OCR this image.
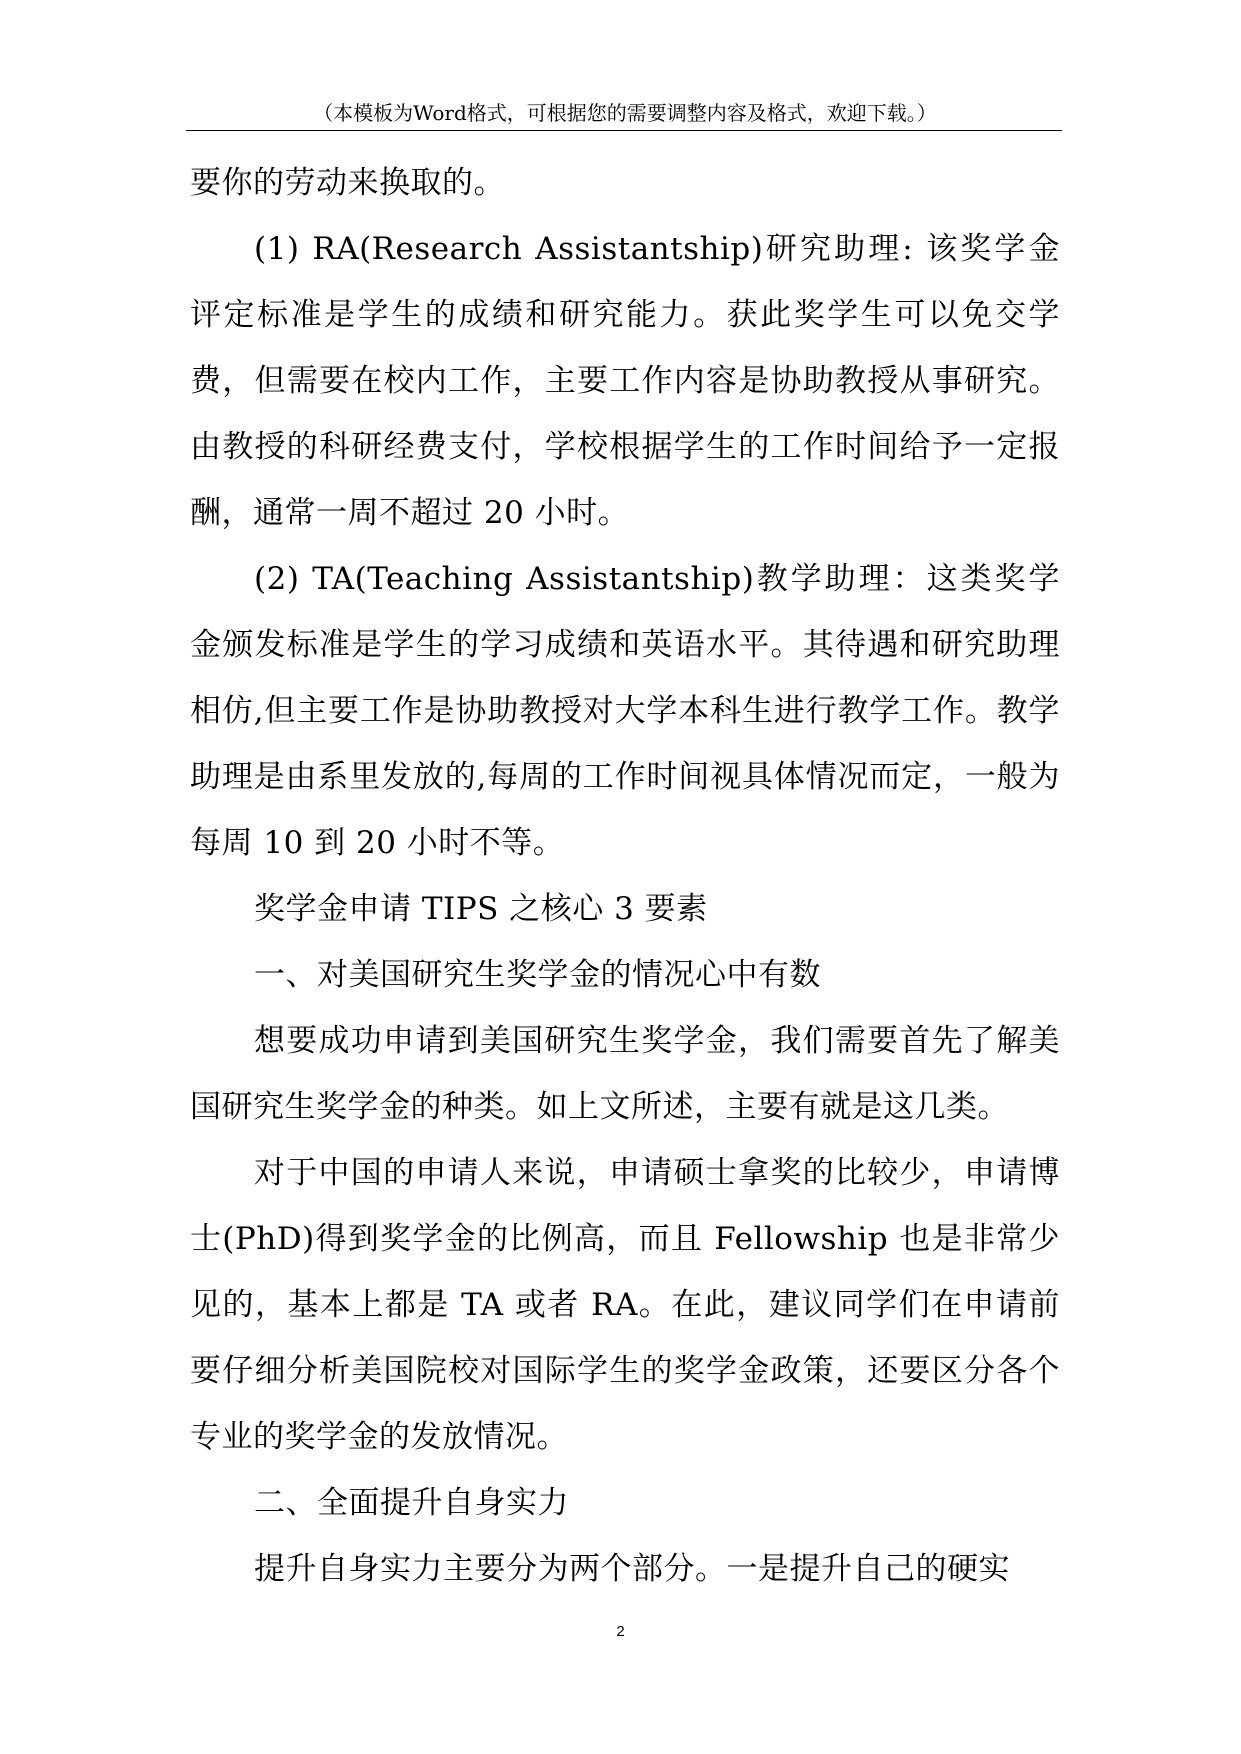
（本模板为Word格式，可根据您的需要调整内容及格式，欢迎下载。）

要你的劳动来换取的。

(1) RA(Research Assistantship)研究助理: 该奖学金评定标准是学生的成绩和研究能力。获此奖学生可以免交学费，但需要在校内工作，主要工作内容是协助教授从事研究。由教授的科研经费支付，学校根据学生的工作时间给予一定报酬，通常一周不超过 20 小时。

(2) TA(Teaching Assistantship)教学助理：这类奖学金颁发标准是学生的学习成绩和英语水平。其待遇和研究助理相仿,但主要工作是协助教授对大学本科生进行教学工作。教学助理是由系里发放的,每周的工作时间视具体情况而定，一般为每周 10 到 20 小时不等。

奖学金申请 TIPS 之核心 3 要素

一、对美国研究生奖学金的情况心中有数

想要成功申请到美国研究生奖学金，我们需要首先了解美国研究生奖学金的种类。如上文所述，主要有就是这几类。

对于中国的申请人来说，申请硕士拿奖的比较少，申请博士(PhD)得到奖学金的比例高，而且 Fellowship 也是非常少见的，基本上都是 TA 或者 RA。在此，建议同学们在申请前要仔细分析美国院校对国际学生的奖学金政策，还要区分各个专业的奖学金的发放情况。

二、全面提升自身实力

提升自身实力主要分为两个部分。一是提升自己的硬实

2
